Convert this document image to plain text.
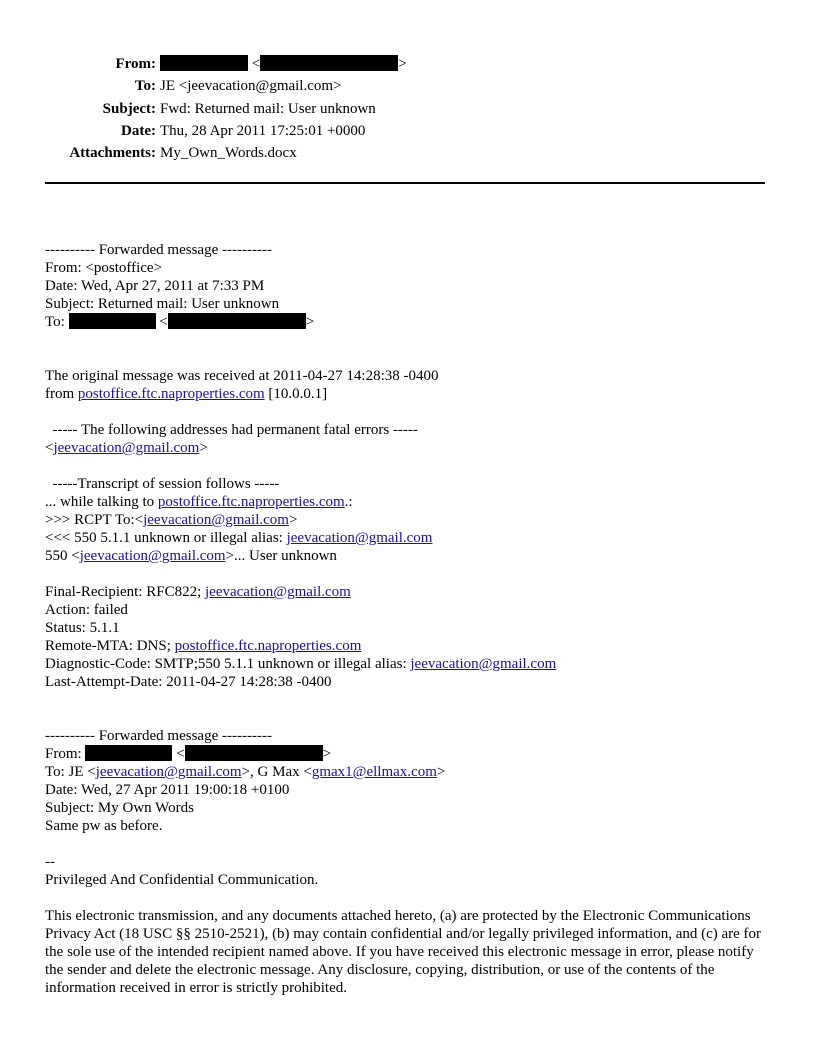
From:	<	>
To: JE <jeevacation@gmail.com>
Subject: Fwd: Returned mail: User unknown
Date: Thu, 28 Apr 2011 17:25:01 +0000
Attachments: My_Own_Words.docx
---------- Forwarded message ----------
From: <postoffice>
Date: Wed, Apr 27, 2011 at 7:33 PM
Subject: Returned mail: User unknown
To:	<	>
The original message was received at 2011-04-27 14:28:38 -0400
from postoffice.ftc.naproperties.com [10.0.0.1]
----- The following addresses had permanent fatal errors -----
<jeevacation@gmail.com>
-----Transcript of session follows -----
... while talking to postoffice.ftc.naproperties.com.:
>>> RCPT To:<jeevacation@gmail.com>
<<< 550 5.1.1 unknown or illegal alias: jeevacation@gmail.com
550 <jeevacation@gmail.com>... User unknown
Final-Recipient: RFC822; jeevacation@gmail.com
Action: failed
Status: 5.1.1
Remote-MTA: DNS; postoffice.ftc.naproperties.com
Diagnostic-Code: SMTP;550 5.1.1 unknown or illegal alias: jeevacation@gmail.com
Last-Attempt-Date: 2011-04-27 14:28:38 -0400
---------- Forwarded message ----------
From:	<	>
To: JE <jeevacation@gmail.com>, G Max <gmax1@ellmax.com>
Date: Wed, 27 Apr 2011 19:00:18 +0100
Subject: My Own Words
Same pw as before.
--
Privileged And Confidential Communication.

This electronic transmission, and any documents attached hereto, (a) are protected by the Electronic Communications Privacy Act (18 USC §§ 2510-2521), (b) may contain confidential and/or legally privileged information, and (c) are for the sole use of the intended recipient named above. If you have received this electronic message in error, please notify the sender and delete the electronic message. Any disclosure, copying, distribution, or use of the contents of the information received in error is strictly prohibited.
